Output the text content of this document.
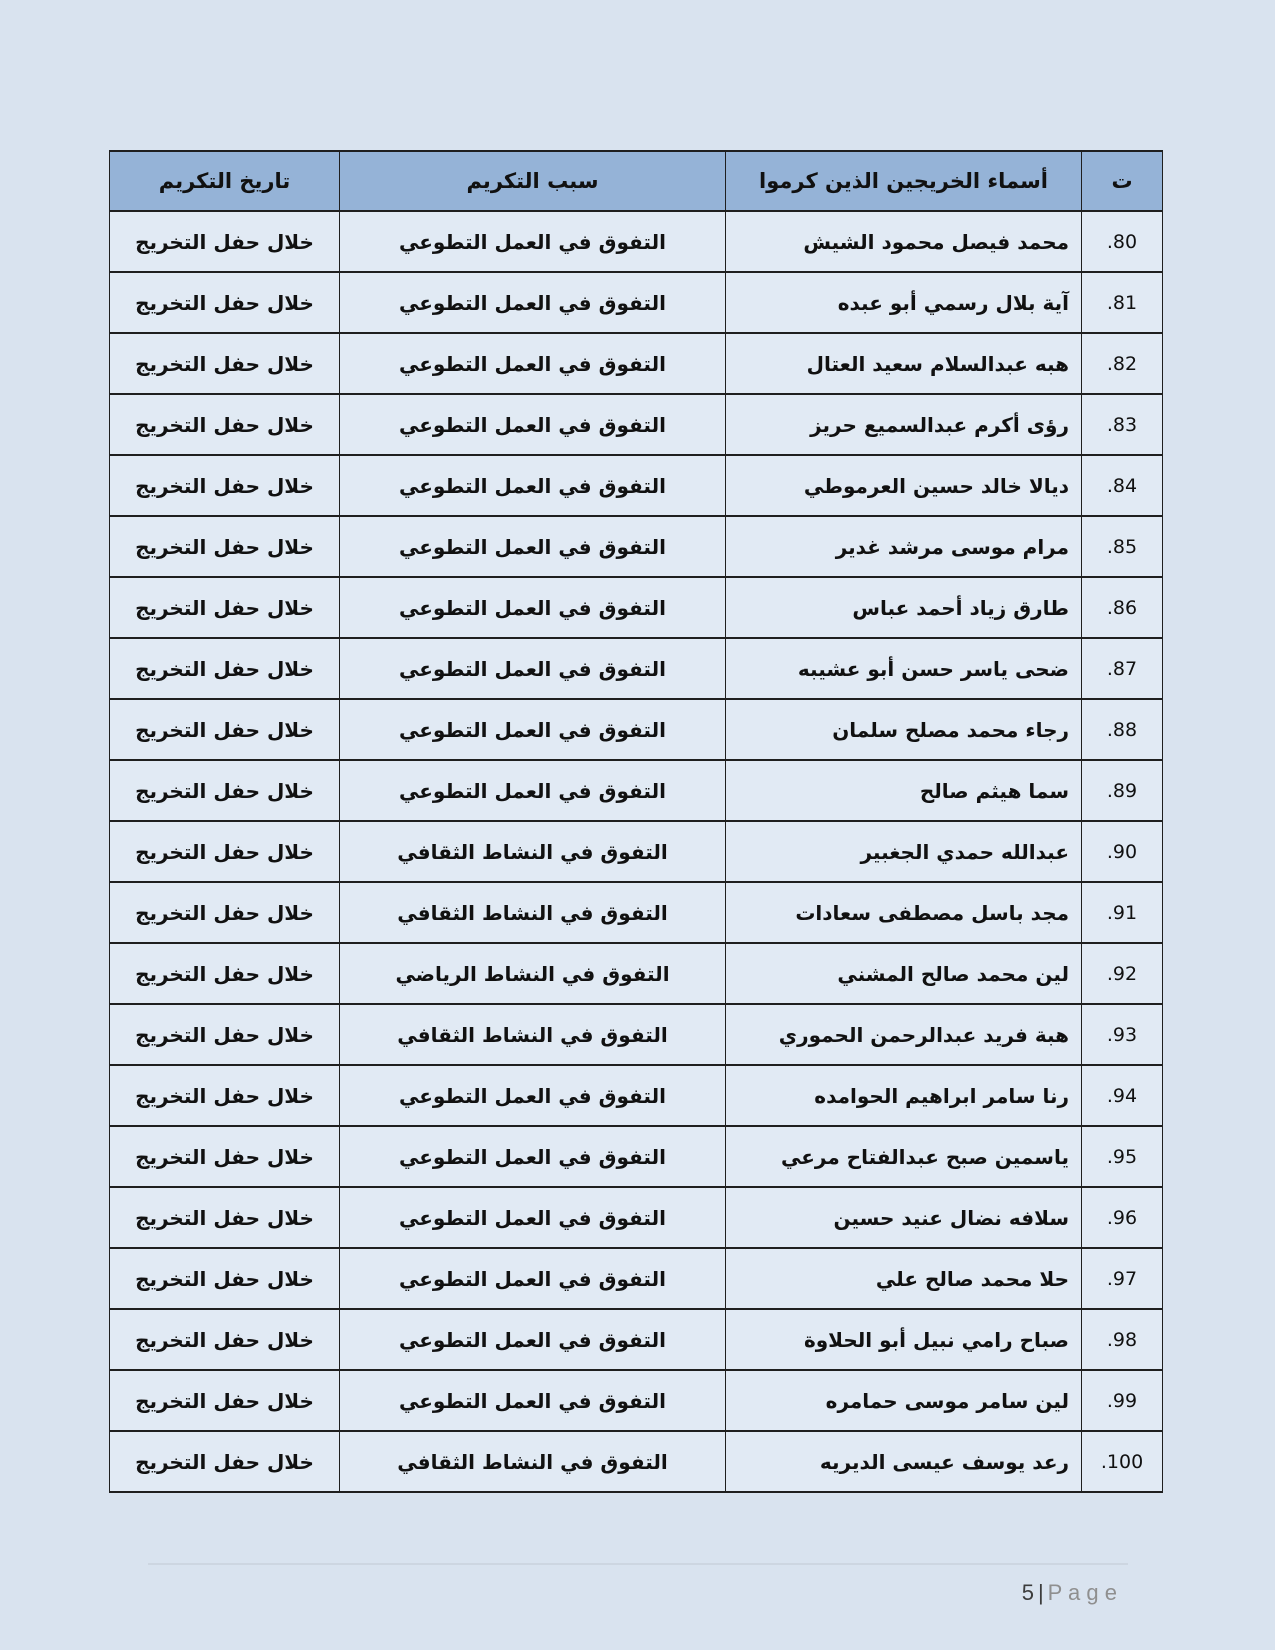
ت	أسماء الخريجين الذين كرموا	سبب التكريم	تاريخ التكريم
80.	محمد فيصل محمود الشيش	التفوق في العمل التطوعي	خلال حفل التخريج
81.	آية بلال رسمي أبو عبده	التفوق في العمل التطوعي	خلال حفل التخريج
82.	هبه عبدالسلام سعيد العتال	التفوق في العمل التطوعي	خلال حفل التخريج
83.	رؤى أكرم عبدالسميع حريز	التفوق في العمل التطوعي	خلال حفل التخريج
84.	ديالا خالد حسين العرموطي	التفوق في العمل التطوعي	خلال حفل التخريج
85.	مرام موسى مرشد غدير	التفوق في العمل التطوعي	خلال حفل التخريج
86.	طارق زياد أحمد عباس	التفوق في العمل التطوعي	خلال حفل التخريج
87.	ضحى ياسر حسن أبو عشيبه	التفوق في العمل التطوعي	خلال حفل التخريج
88.	رجاء محمد مصلح سلمان	التفوق في العمل التطوعي	خلال حفل التخريج
89.	سما هيثم صالح	التفوق في العمل التطوعي	خلال حفل التخريج
90.	عبدالله حمدي الجغبير	التفوق في النشاط الثقافي	خلال حفل التخريج
91.	مجد باسل مصطفى سعادات	التفوق في النشاط الثقافي	خلال حفل التخريج
92.	لين محمد صالح المشني	التفوق في النشاط الرياضي	خلال حفل التخريج
93.	هبة فريد عبدالرحمن الحموري	التفوق في النشاط الثقافي	خلال حفل التخريج
94.	رنا سامر ابراهيم الحوامده	التفوق في العمل التطوعي	خلال حفل التخريج
95.	ياسمين صبح عبدالفتاح مرعي	التفوق في العمل التطوعي	خلال حفل التخريج
96.	سلافه نضال عنيد حسين	التفوق في العمل التطوعي	خلال حفل التخريج
97.	حلا محمد صالح علي	التفوق في العمل التطوعي	خلال حفل التخريج
98.	صباح رامي نبيل أبو الحلاوة	التفوق في العمل التطوعي	خلال حفل التخريج
99.	لين سامر موسى حمامره	التفوق في العمل التطوعي	خلال حفل التخريج
100.	رعد يوسف عيسى الديريه	التفوق في النشاط الثقافي	خلال حفل التخريج
5 | P a g e
